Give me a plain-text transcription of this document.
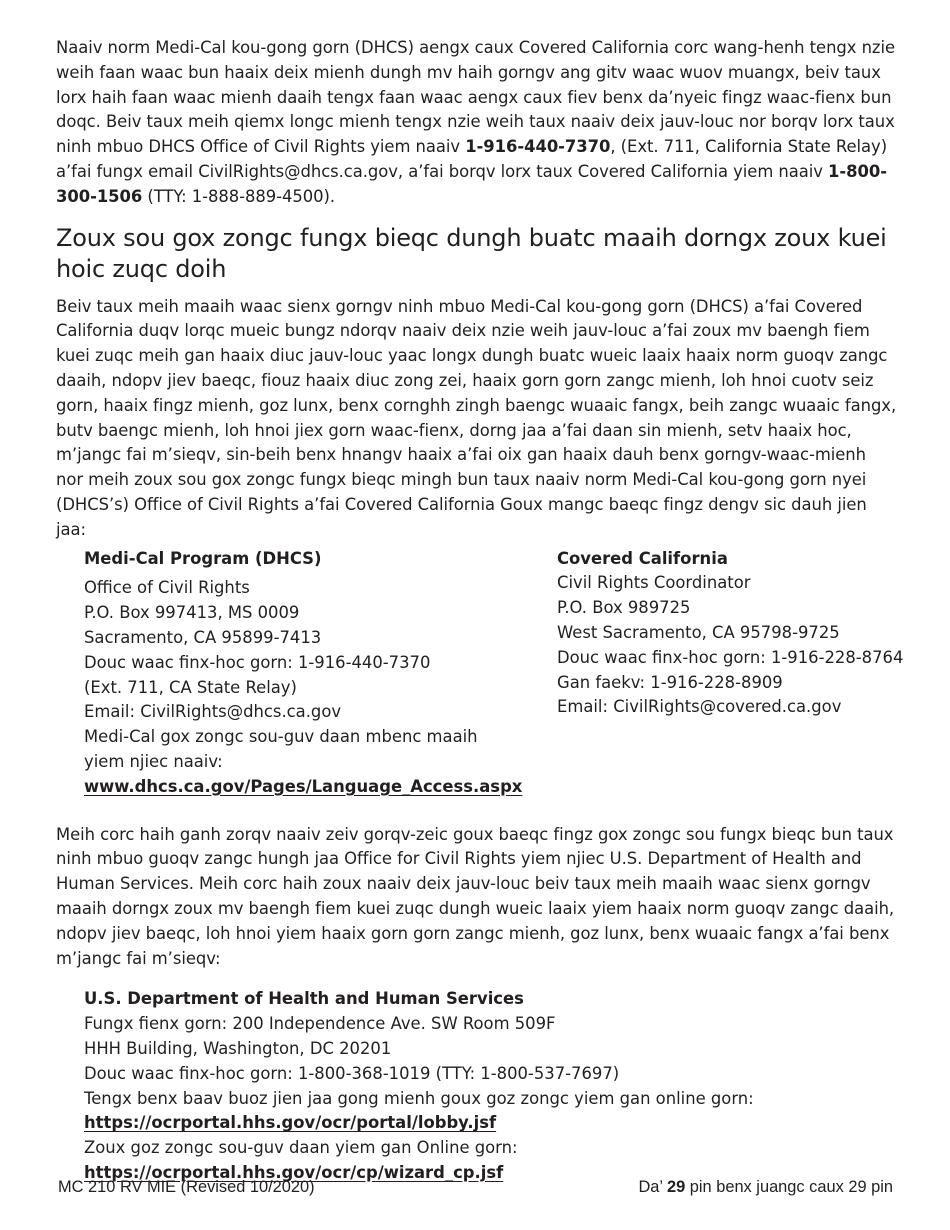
Naaiv norm Medi-Cal kou-gong gorn (DHCS) aengx caux Covered California corc wang-henh tengx nzie weih faan waac bun haaix deix mienh dungh mv haih gorngv ang gitv waac wuov muangx, beiv taux lorx haih faan waac mienh daaih tengx faan waac aengx caux fiev benx da’nyeic fingz waac-fienx bun doqc. Beiv taux meih qiemx longc mienh tengx nzie weih taux naaiv deix jauv-louc nor borqv lorx taux ninh mbuo DHCS Office of Civil Rights yiem naaiv 1-916-440-7370, (Ext. 711, California State Relay) a’fai fungx email CivilRights@dhcs.ca.gov, a’fai borqv lorx taux Covered California yiem naaiv 1-800-300-1506 (TTY: 1-888-889-4500).

Zoux sou gox zongc fungx bieqc dungh buatc maaih dorngx zoux kuei hoic zuqc doih

Beiv taux meih maaih waac sienx gorngv ninh mbuo Medi-Cal kou-gong gorn (DHCS) a’fai Covered California duqv lorqc mueic bungz ndorqv naaiv deix nzie weih jauv-louc a’fai zoux mv baengh fiem kuei zuqc meih gan haaix diuc jauv-louc yaac longx dungh buatc wueic laaix haaix norm guoqv zangc daaih, ndopv jiev baeqc, fiouz haaix diuc zong zei, haaix gorn gorn zangc mienh, loh hnoi cuotv seiz gorn, haaix fingz mienh, goz lunx, benx cornghh zingh baengc wuaaic fangx, beih zangc wuaaic fangx, butv baengc mienh, loh hnoi jiex gorn waac-fienx, dorng jaa a’fai daan sin mienh, setv haaix hoc, m’jangc fai m’sieqv, sin-beih benx hnangv haaix a’fai oix gan haaix dauh benx gorngv-waac-mienh nor meih zoux sou gox zongc fungx bieqc mingh bun taux naaiv norm Medi-Cal kou-gong gorn nyei (DHCS’s) Office of Civil Rights a’fai Covered California Goux mangc baeqc fingz dengv sic dauh jien jaa:

Medi-Cal Program (DHCS)
Office of Civil Rights
P.O. Box 997413, MS 0009
Sacramento, CA 95899-7413
Douc waac finx-hoc gorn: 1-916-440-7370
(Ext. 711, CA State Relay)
Email: CivilRights@dhcs.ca.gov
Medi-Cal gox zongc sou-guv daan mbenc maaih yiem njiec naaiv:
www.dhcs.ca.gov/Pages/Language_Access.aspx
Covered California
Civil Rights Coordinator
P.O. Box 989725
West Sacramento, CA 95798-9725
Douc waac finx-hoc gorn: 1-916-228-8764
Gan faekv: 1-916-228-8909
Email: CivilRights@covered.ca.gov

Meih corc haih ganh zorqv naaiv zeiv gorqv-zeic goux baeqc fingz gox zongc sou fungx bieqc bun taux ninh mbuo guoqv zangc hungh jaa Office for Civil Rights yiem njiec U.S. Department of Health and Human Services. Meih corc haih zoux naaiv deix jauv-louc beiv taux meih maaih waac sienx gorngv maaih dorngx zoux mv baengh fiem kuei zuqc dungh wueic laaix yiem haaix norm guoqv zangc daaih, ndopv jiev baeqc, loh hnoi yiem haaix gorn gorn zangc mienh, goz lunx, benx wuaaic fangx a’fai benx m’jangc fai m’sieqv:

U.S. Department of Health and Human Services
Fungx fienx gorn: 200 Independence Ave. SW Room 509F
HHH Building, Washington, DC 20201
Douc waac finx-hoc gorn: 1-800-368-1019 (TTY: 1-800-537-7697)
Tengx benx baav buoz jien jaa gong mienh goux goz zongc yiem gan online gorn:
https://ocrportal.hhs.gov/ocr/portal/lobby.jsf
Zoux goz zongc sou-guv daan yiem gan Online gorn:
https://ocrportal.hhs.gov/ocr/cp/wizard_cp.jsf
MC 210 RV MIE (Revised 10/2020)	Da’ 29 pin benx juangc caux 29 pin
